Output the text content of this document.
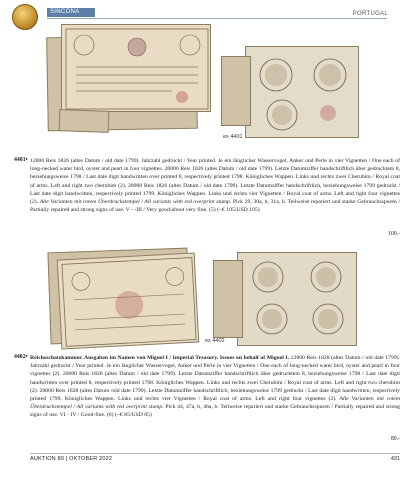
SINCONA	PORTUGAL
ex 4401
4401• 12800 Reis 1826 (altes Datum / old date 1799). Jahrzahl gedruckt / Year printed. Je ein länglicher Wasservogel, Anker und Perle in vier Vignetten / One each of long-necked water bird, oyster and pearl in four vignettes. 20000 Reis 1826 (altes Datum / old date 1799). Letzte Datumziffer handschriftlich über gedrucktem 8, beziehungsweise 1798 / Last date digit handwritten over printed 8, respectively printed 1798. Königliches Wappen. Links und rechts zwei Cherubim / Royal coat of arms. Left and right two cherubim (2). 20000 Reis 1826 (altes Datum / old date 1799). Letzte Datumziffer handschriftlich, beziehungsweise 1799 gedruckt / Last date digit handwritten, respectively printed 1799. Königliches Wappen. Links und rechts vier Vignetten / Royal coat of arms. Left and right four vignettes (2). Alle Varianten mit rotem Überdruckstempel / All variants with red overprint stamp. Pick 29, 30a, b, 31a, b. Teilweise repariert und starke Gebrauchsspuren / Partially repaired and strong signs of use. V - -III / Very good-about very fine. (5) (~€ 105/USD 105)

100.-
ex 4402
4402• Reichsschatzkammer. Ausgaben im Namen von Miguel I / Imperial Treasury. Issues on behalf of Miguel I. 12800 Reis 1828 (altes Datum / old date 1799). Jahrzahl gedruckt / Year printed. Je ein länglicher Wasservogel, Anker und Perle in vier Vignetten / One each of long-necked water bird, oyster and pearl in four vignettes (2). 20000 Reis 1828 (altes Datum / old date 1799). Letzte Datumziffer handschriftlich über gedrucktem 8, beziehungsweise 1798 / Last date digit handwritten over printed 8, respectively printed 1798. Königliches Wappen. Links und rechts zwei Cherubim / Royal coat of arms. Left and right two cherubim (2). 20000 Reis 1828 (altes Datum /old date 1799). Letzte Datumziffer handschriftlich, beziehungsweise 1799 gedruckt / Last date digit handwritten, respectively printed 1799. Königliches Wappen. Links und rechts vier Vignetten / Royal coat of arms. Left and right four vignettes (2). Alle Varianten mit rotem Überdruckstempel / All variants with red overprint stamp. Pick 44, 47a, b, 46a, b. Teilweise repariert und starke Gebrauchsspuren / Partially repaired and strong signs of use. VI - IV / Good-fine. (6) (~€ 85/USD 85)

80.-
AUKTION 80 | OKTOBER 2022	431
